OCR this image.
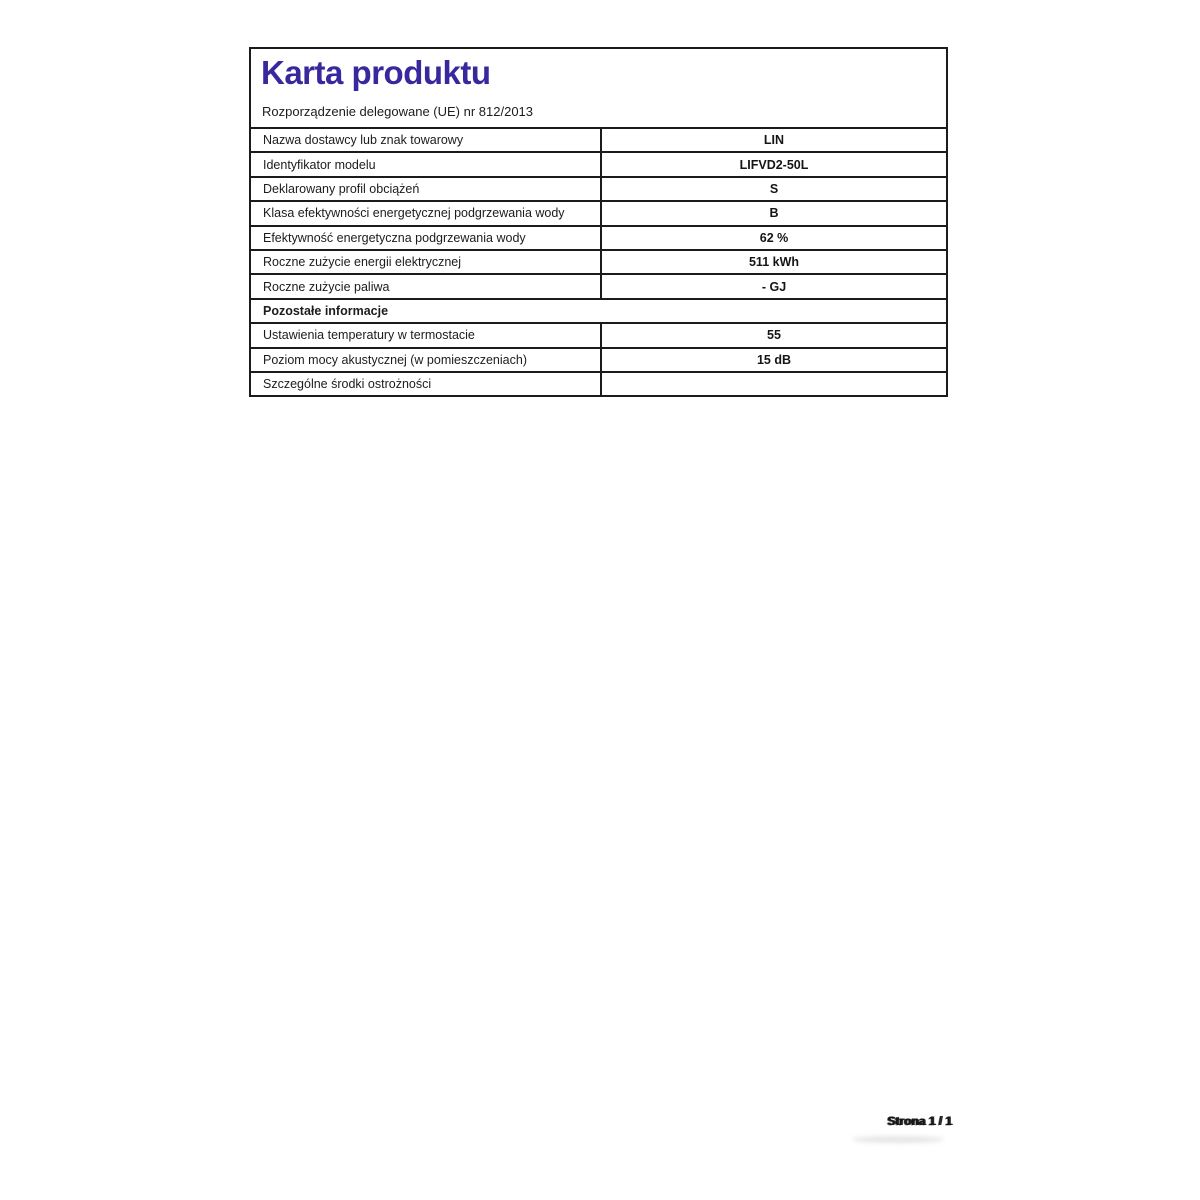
Karta produktu
Rozporządzenie delegowane (UE) nr 812/2013
Nazwa dostawcy lub znak towarowy	LIN
Identyfikator modelu	LIFVD2-50L
Deklarowany profil obciążeń	S
Klasa efektywności energetycznej podgrzewania wody	B
Efektywność energetyczna podgrzewania wody	62 %
Roczne zużycie energii elektrycznej	511 kWh
Roczne zużycie paliwa	- GJ
Pozostałe informacje
Ustawienia temperatury w termostacie	55
Poziom mocy akustycznej (w pomieszczeniach)	15 dB
Szczególne środki ostrożności
Strona 1 / 1
